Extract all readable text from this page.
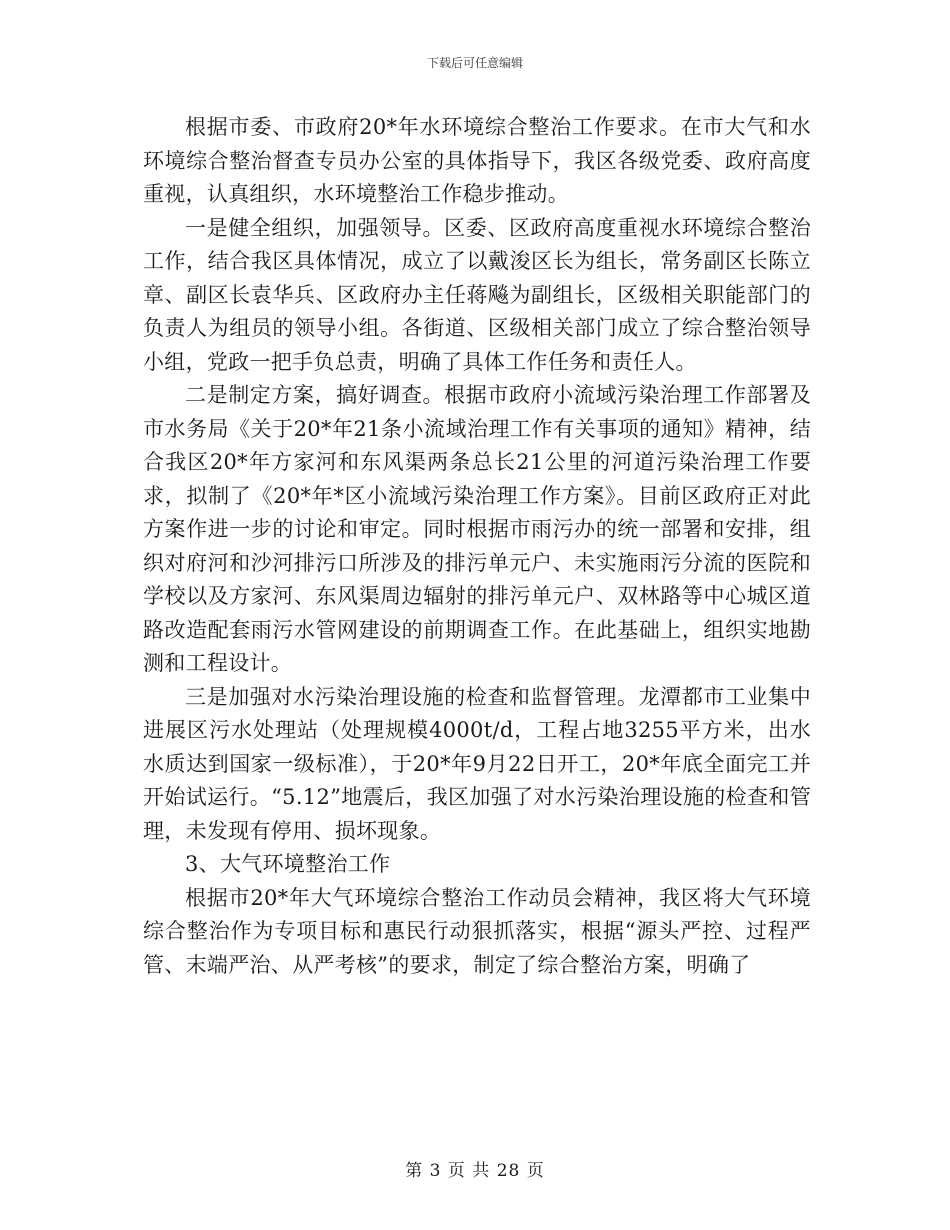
下载后可任意编辑

根据市委、市政府20*年水环境综合整治工作要求。在市大气和水环境综合整治督查专员办公室的具体指导下，我区各级党委、政府高度重视，认真组织，水环境整治工作稳步推动。

一是健全组织，加强领导。区委、区政府高度重视水环境综合整治工作，结合我区具体情况，成立了以戴浚区长为组长，常务副区长陈立章、副区长袁华兵、区政府办主任蒋飚为副组长，区级相关职能部门的负责人为组员的领导小组。各街道、区级相关部门成立了综合整治领导小组，党政一把手负总责，明确了具体工作任务和责任人。

二是制定方案，搞好调查。根据市政府小流域污染治理工作部署及市水务局《关于20*年21条小流域治理工作有关事项的通知》精神，结合我区20*年方家河和东风渠两条总长21公里的河道污染治理工作要求，拟制了《20*年*区小流域污染治理工作方案》。目前区政府正对此方案作进一步的讨论和审定。同时根据市雨污办的统一部署和安排，组织对府河和沙河排污口所涉及的排污单元户、未实施雨污分流的医院和学校以及方家河、东风渠周边辐射的排污单元户、双林路等中心城区道路改造配套雨污水管网建设的前期调查工作。在此基础上，组织实地勘测和工程设计。

三是加强对水污染治理设施的检查和监督管理。龙潭都市工业集中进展区污水处理站（处理规模4000t/d，工程占地3255平方米，出水水质达到国家一级标准），于20*年9月22日开工，20*年底全面完工并开始试运行。“5.12”地震后，我区加强了对水污染治理设施的检查和管理，未发现有停用、损坏现象。

3、大气环境整治工作

根据市20*年大气环境综合整治工作动员会精神，我区将大气环境综合整治作为专项目标和惠民行动狠抓落实，根据“源头严控、过程严管、末端严治、从严考核”的要求，制定了综合整治方案，明确了

第 3 页 共 28 页
